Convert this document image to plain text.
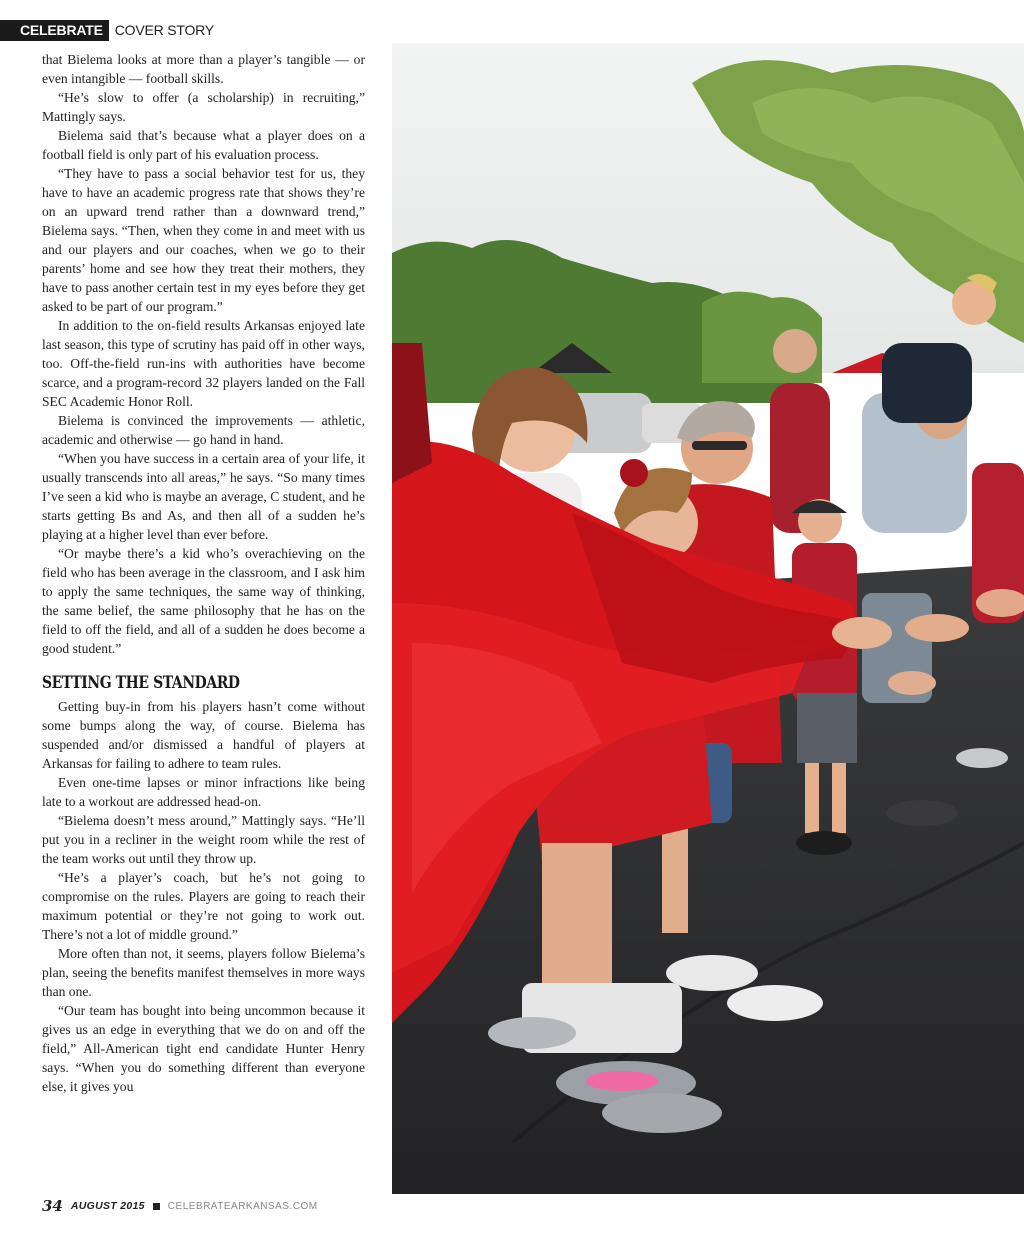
CELEBRATE COVER STORY

that Bielema looks at more than a player’s tangible — or even intangible — football skills.

“He’s slow to offer (a scholarship) in recruiting,” Mattingly says.

Bielema said that’s because what a player does on a football field is only part of his evaluation process.

“They have to pass a social behavior test for us, they have to have an academic progress rate that shows they’re on an upward trend rather than a downward trend,” Bielema says. “Then, when they come in and meet with us and our players and our coaches, when we go to their parents’ home and see how they treat their mothers, they have to pass another certain test in my eyes before they get asked to be part of our program.”

In addition to the on-field results Arkansas enjoyed late last season, this type of scrutiny has paid off in other ways, too. Off-the-field run-ins with authorities have become scarce, and a program-record 32 players landed on the Fall SEC Academic Honor Roll.

Bielema is convinced the improvements — athletic, academic and otherwise — go hand in hand.

“When you have success in a certain area of your life, it usually transcends into all areas,” he says. “So many times I’ve seen a kid who is maybe an average, C student, and he starts getting Bs and As, and then all of a sudden he’s playing at a higher level than ever before.

“Or maybe there’s a kid who’s overachieving on the field who has been average in the classroom, and I ask him to apply the same techniques, the same way of thinking, the same belief, the same philosophy that he has on the field to off the field, and all of a sudden he does become a good student.”

SETTING THE STANDARD

Getting buy-in from his players hasn’t come without some bumps along the way, of course. Bielema has suspended and/or dismissed a handful of players at Arkansas for failing to adhere to team rules.

Even one-time lapses or minor infractions like being late to a workout are addressed head-on.

“Bielema doesn’t mess around,” Mattingly says. “He’ll put you in a recliner in the weight room while the rest of the team works out until they throw up.

“He’s a player’s coach, but he’s not going to compromise on the rules. Players are going to reach their maximum potential or they’re not going to work out. There’s not a lot of middle ground.”

More often than not, it seems, players follow Bielema’s plan, seeing the benefits manifest themselves in more ways than one.

“Our team has bought into being uncommon because it gives us an edge in everything that we do on and off the field,” All-American tight end candidate Hunter Henry says. “When you do something different than everyone else, it gives you

34 AUGUST 2015 CELEBRATEARKANSAS.COM
